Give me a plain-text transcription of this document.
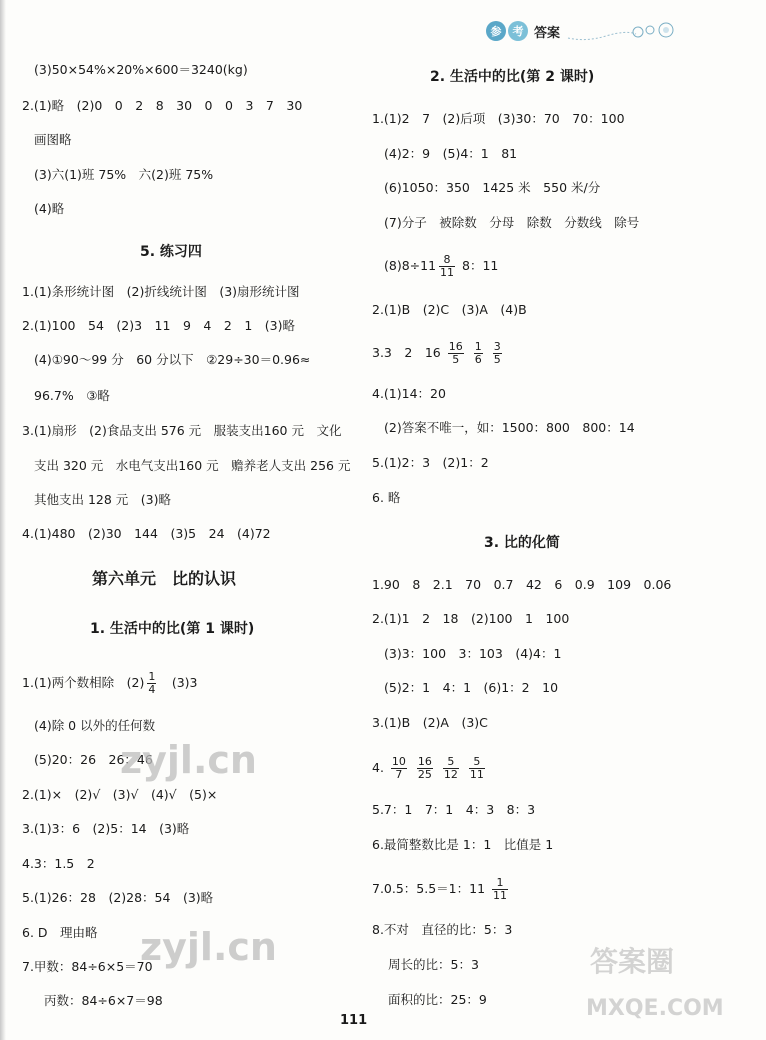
参	考 答案
(3)50×54%×20%×600＝3240(kg)
2.(1)略　(2)0　0　2　8　30　0　0　3　7　30
画图略
(3)六(1)班 75%　六(2)班 75%
(4)略
5. 练习四
1.(1)条形统计图　(2)折线统计图　(3)扇形统计图
2.(1)100　54　(2)3　11　9　4　2　1　(3)略
(4)①90～99 分　60 分以下　②29÷30＝0.96≈
96.7%　③略
3.(1)扇形　(2)食品支出 576 元　服装支出160 元　文化
支出 320 元　水电气支出160 元　赡养老人支出 256 元
其他支出 128 元　(3)略
4.(1)480　(2)30　144　(3)5　24　(4)72
第六单元　比的认识
1. 生活中的比(第 1 课时)
1.(1)两个数相除　$(2) \frac{1}{4}$ 　(3)3
(4)除 0 以外的任何数
(5)20：26　26：46
2.(1)×　(2)√　(3)√　(4)√　(5)×
3.(1)3：6　(2)5：14　(3)略
4.3：1.5　2
5.(1)26：28　(2)28：54　(3)略
6. D　理由略
7.甲数：84÷6×5＝70
丙数：84÷6×7＝98
2. 生活中的比(第 2 课时)
1.(1)2　7　(2)后项　(3)30：70　70：100
(4)2：9　(5)4：1　81
(6)1050：350　1425 米　550 米/分
(7)分子　被除数　分母　除数　分数线　除号
$(8)8\div 11 \frac{8}{11} 8$：11
2.(1)B　(2)C　(3)A　(4)B
3.3　2　$16 \frac{16}{5}$
$\frac{1}{6}$
$\frac{3}{5}$
4.(1)14：20
(2)答案不唯一，如：1500：800　800：14
5.(1)2：3　(2)1：2
6. 略
3. 比的化简
1.90　8　2.1　70　0.7　42　6　0.9　109　0.06
2.(1)1　2　18　(2)100　1　100
(3)3：100　3：103　(4)4：1
(5)2：1　4：1　(6)1：2　10
3.(1)B　(2)A　(3)C
4. $\frac{10}{7}$
$\frac{16}{25}$
$\frac{5}{12}$
$\frac{5}{11}$
5.7：1　7：1　4：3　8：3
6.最简整数比是 1：1　比值是 1
7.0.5：5.5＝1：$11 \frac{1}{11}$
8.不对　直径的比：5：3
周长的比：5：3
面积的比：25：9
111
zyjl.cn
zyjl.cn	答案圈
MXQE.COM
